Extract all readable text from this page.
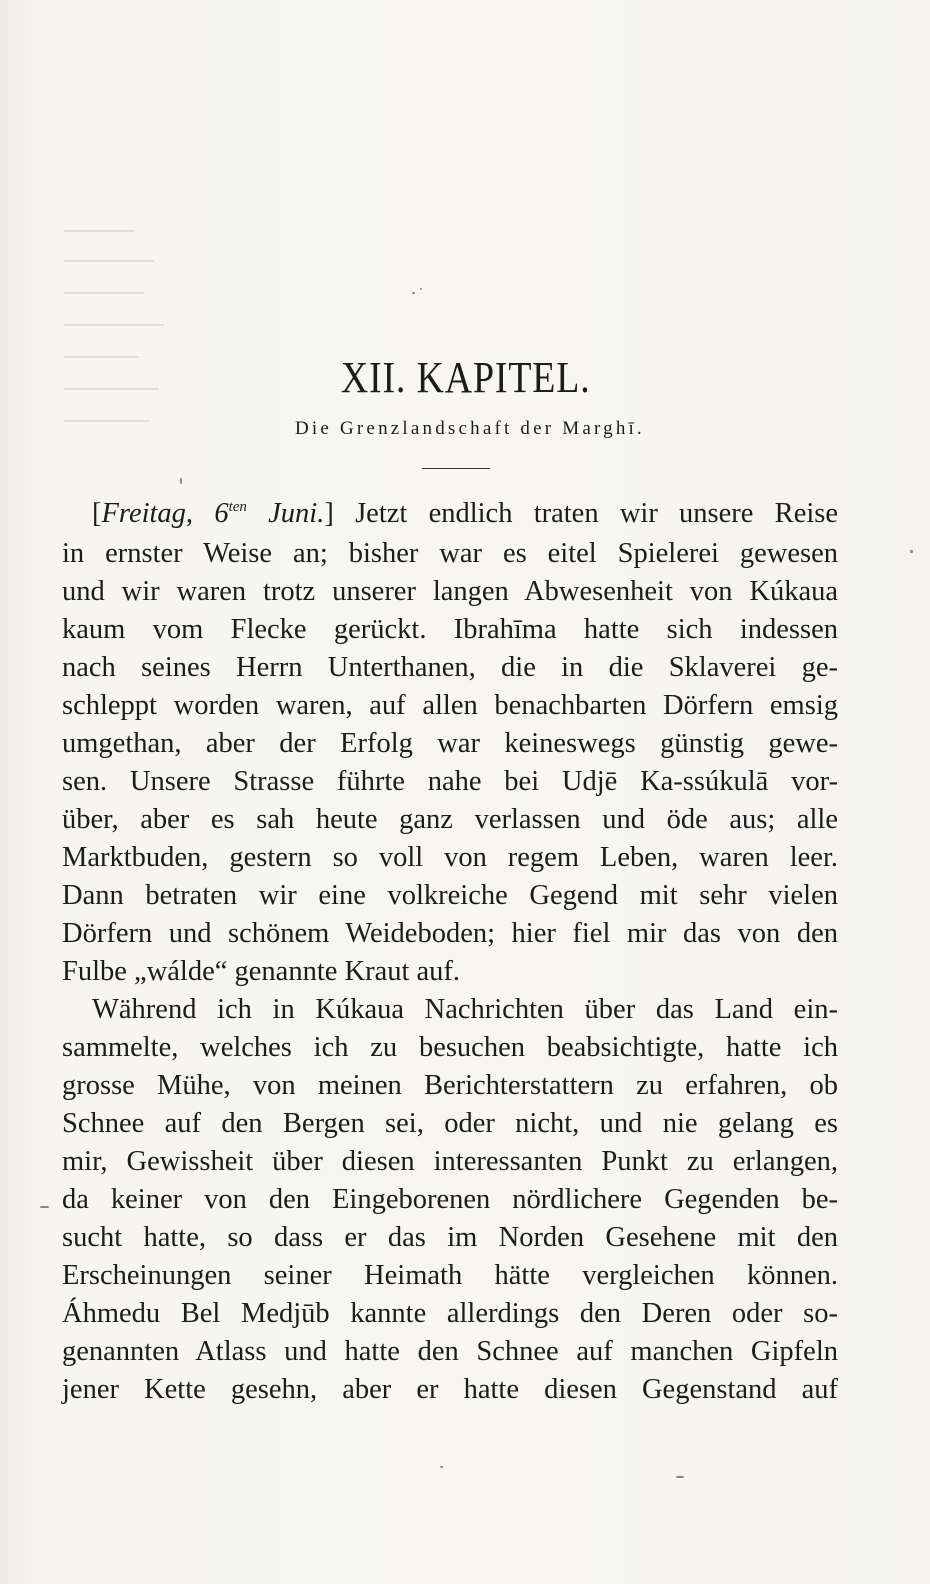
XII. KAPITEL.
Die Grenzlandschaft der Marghī.
[Freitag, $6^{ten}$ Juni.] Jetzt endlich traten wir unsere Reise
in ernster Weise an; bisher war es eitel Spielerei gewesen
und wir waren trotz unserer langen Abwesenheit von Kúkaua
kaum vom Flecke gerückt. Ibrahīma hatte sich indessen
nach seines Herrn Unterthanen, die in die Sklaverei ge-
schleppt worden waren, auf allen benachbarten Dörfern emsig
umgethan, aber der Erfolg war keineswegs günstig gewe-
sen. Unsere Strasse führte nahe bei Udjē Ka-ssúkulā vor-
über, aber es sah heute ganz verlassen und öde aus; alle
Marktbuden, gestern so voll von regem Leben, waren leer.
Dann betraten wir eine volkreiche Gegend mit sehr vielen
Dörfern und schönem Weideboden; hier fiel mir das von den
Fulbe „wálde“ genannte Kraut auf.
Während ich in Kúkaua Nachrichten über das Land ein-
sammelte, welches ich zu besuchen beabsichtigte, hatte ich
grosse Mühe, von meinen Berichterstattern zu erfahren, ob
Schnee auf den Bergen sei, oder nicht, und nie gelang es
mir, Gewissheit über diesen interessanten Punkt zu erlangen,
da keiner von den Eingeborenen nördlichere Gegenden be-
sucht hatte, so dass er das im Norden Gesehene mit den
Erscheinungen seiner Heimath hätte vergleichen können.
Áhmedu Bel Medjūb kannte allerdings den Deren oder so-
genannten Atlass und hatte den Schnee auf manchen Gipfeln
jener Kette gesehn, aber er hatte diesen Gegenstand auf
